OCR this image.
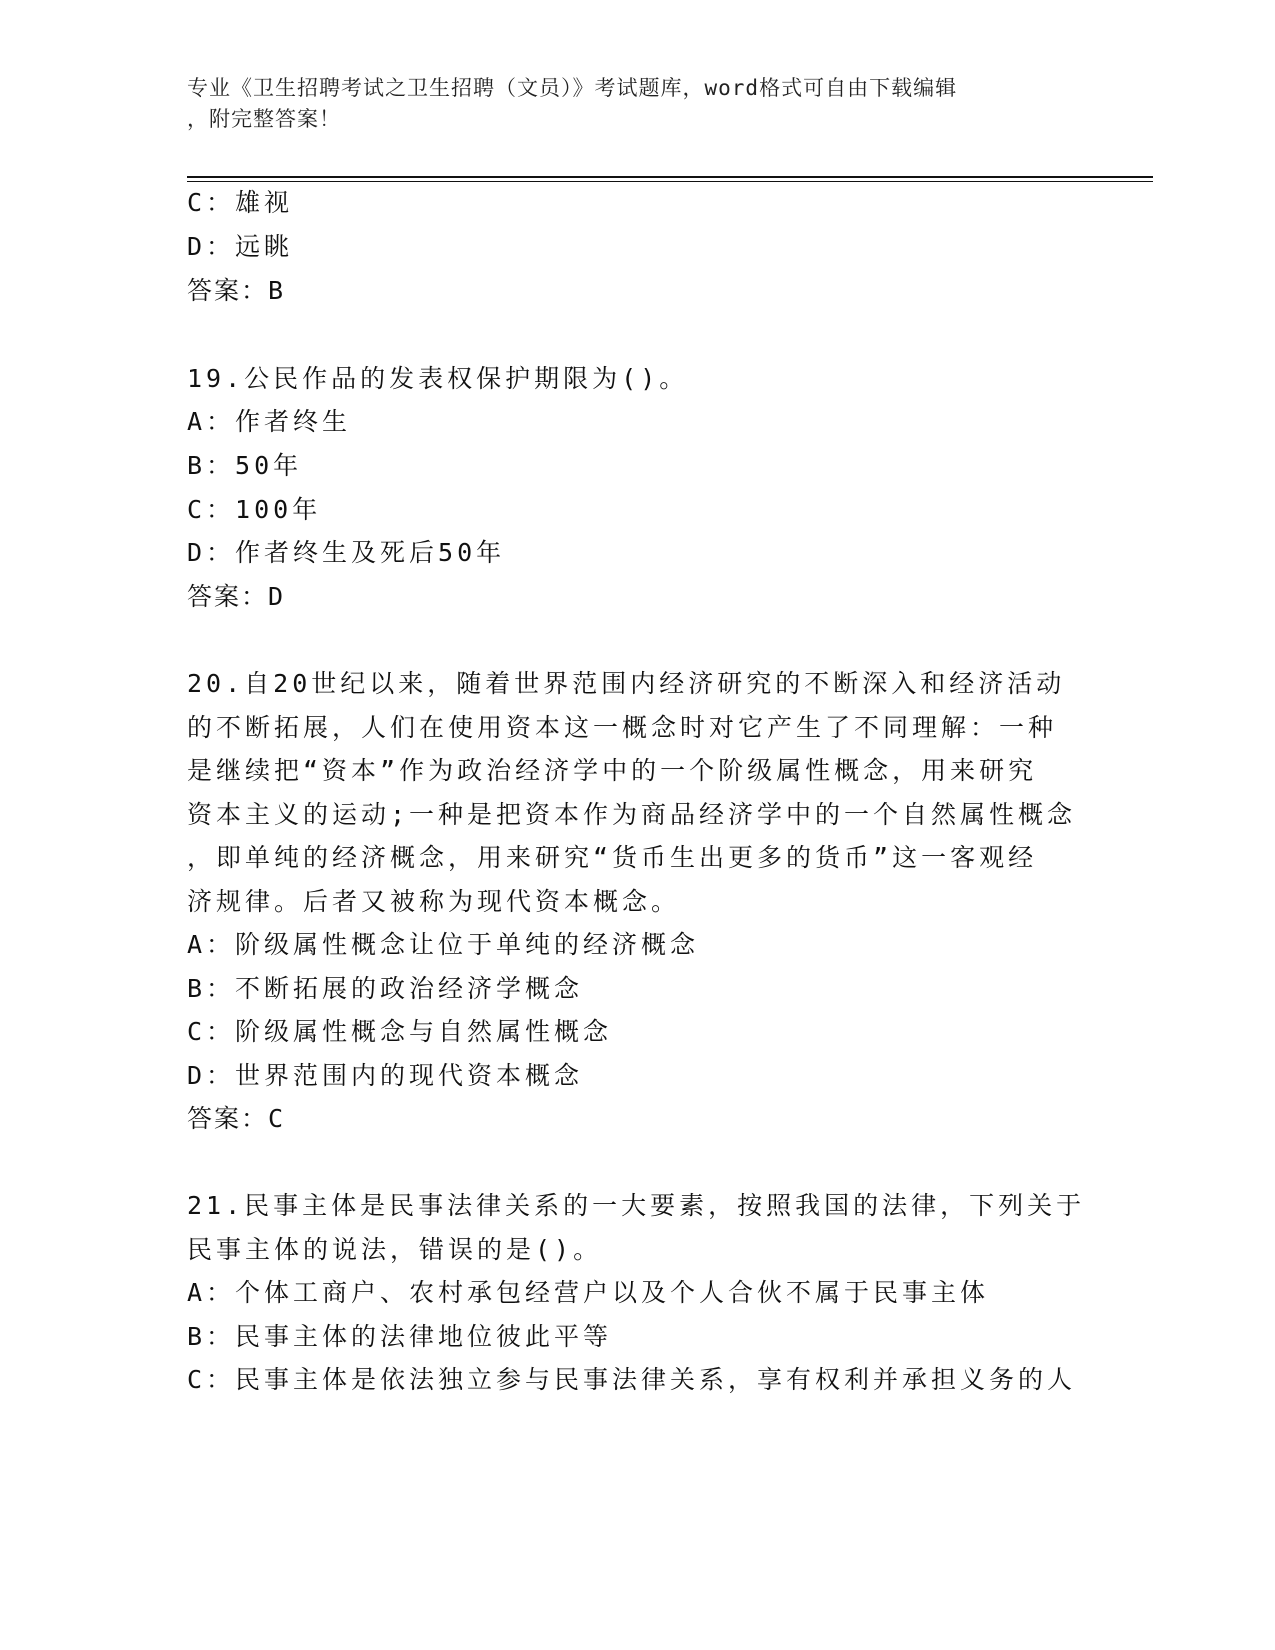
专业《卫生招聘考试之卫生招聘（文员）》考试题库，word格式可自由下载编辑
，附完整答案！
C：雄视
D：远眺
答案：B
19.公民作品的发表权保护期限为()。
A：作者终生
B：50年
C：100年
D：作者终生及死后50年
答案：D
20.自20世纪以来，随着世界范围内经济研究的不断深入和经济活动
的不断拓展，人们在使用资本这一概念时对它产生了不同理解：一种
是继续把“资本”作为政治经济学中的一个阶级属性概念，用来研究
资本主义的运动;一种是把资本作为商品经济学中的一个自然属性概念
，即单纯的经济概念，用来研究“货币生出更多的货币”这一客观经
济规律。后者又被称为现代资本概念。
A：阶级属性概念让位于单纯的经济概念
B：不断拓展的政治经济学概念
C：阶级属性概念与自然属性概念
D：世界范围内的现代资本概念
答案：C
21.民事主体是民事法律关系的一大要素，按照我国的法律，下列关于
民事主体的说法，错误的是()。
A：个体工商户、农村承包经营户以及个人合伙不属于民事主体
B：民事主体的法律地位彼此平等
C：民事主体是依法独立参与民事法律关系，享有权利并承担义务的人
